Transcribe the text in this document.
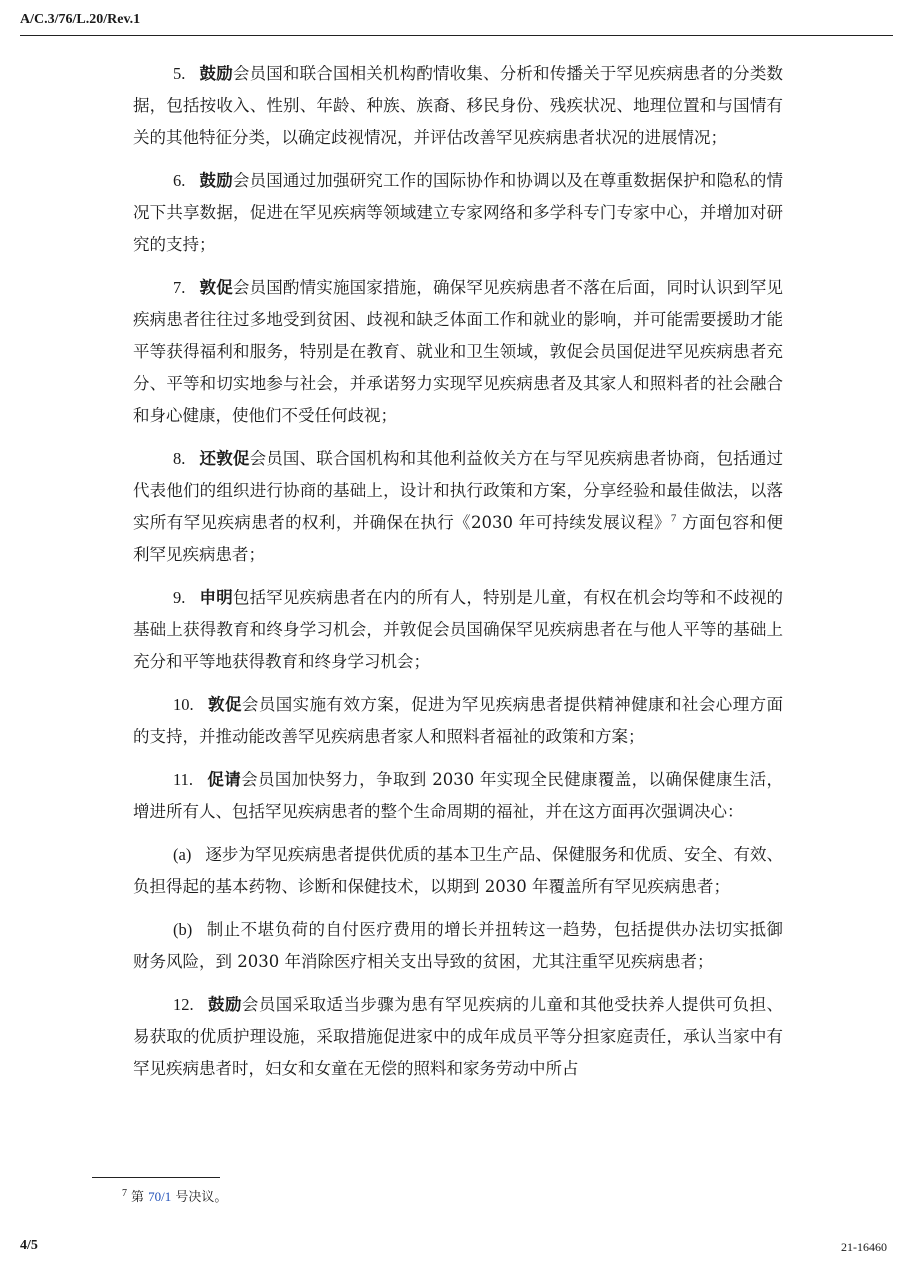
A/C.3/76/L.20/Rev.1

5. 鼓励会员国和联合国相关机构酌情收集、分析和传播关于罕见疾病患者的分类数据，包括按收入、性别、年龄、种族、族裔、移民身份、残疾状况、地理位置和与国情有关的其他特征分类，以确定歧视情况，并评估改善罕见疾病患者状况的进展情况；

6. 鼓励会员国通过加强研究工作的国际协作和协调以及在尊重数据保护和隐私的情况下共享数据，促进在罕见疾病等领域建立专家网络和多学科专门专家中心，并增加对研究的支持；

7. 敦促会员国酌情实施国家措施，确保罕见疾病患者不落在后面，同时认识到罕见疾病患者往往过多地受到贫困、歧视和缺乏体面工作和就业的影响，并可能需要援助才能平等获得福利和服务，特别是在教育、就业和卫生领域，敦促会员国促进罕见疾病患者充分、平等和切实地参与社会，并承诺努力实现罕见疾病患者及其家人和照料者的社会融合和身心健康，使他们不受任何歧视；

8. 还敦促会员国、联合国机构和其他利益攸关方在与罕见疾病患者协商，包括通过代表他们的组织进行协商的基础上，设计和执行政策和方案，分享经验和最佳做法，以落实所有罕见疾病患者的权利，并确保在执行《2030 年可持续发展议程》$^7$ 方面包容和便利罕见疾病患者；

9. 申明包括罕见疾病患者在内的所有人，特别是儿童，有权在机会均等和不歧视的基础上获得教育和终身学习机会，并敦促会员国确保罕见疾病患者在与他人平等的基础上充分和平等地获得教育和终身学习机会；

10. 敦促会员国实施有效方案，促进为罕见疾病患者提供精神健康和社会心理方面的支持，并推动能改善罕见疾病患者家人和照料者福祉的政策和方案；

11. 促请会员国加快努力，争取到 2030 年实现全民健康覆盖，以确保健康生活，增进所有人、包括罕见疾病患者的整个生命周期的福祉，并在这方面再次强调决心：

(a) 逐步为罕见疾病患者提供优质的基本卫生产品、保健服务和优质、安全、有效、负担得起的基本药物、诊断和保健技术，以期到 2030 年覆盖所有罕见疾病患者；

(b) 制止不堪负荷的自付医疗费用的增长并扭转这一趋势，包括提供办法切实抵御财务风险，到 2030 年消除医疗相关支出导致的贫困，尤其注重罕见疾病患者；

12. 鼓励会员国采取适当步骤为患有罕见疾病的儿童和其他受扶养人提供可负担、易获取的优质护理设施，采取措施促进家中的成年成员平等分担家庭责任，承认当家中有罕见疾病患者时，妇女和女童在无偿的照料和家务劳动中所占

$^7$ 第 70/1 号决议。
4/5	21-16460
